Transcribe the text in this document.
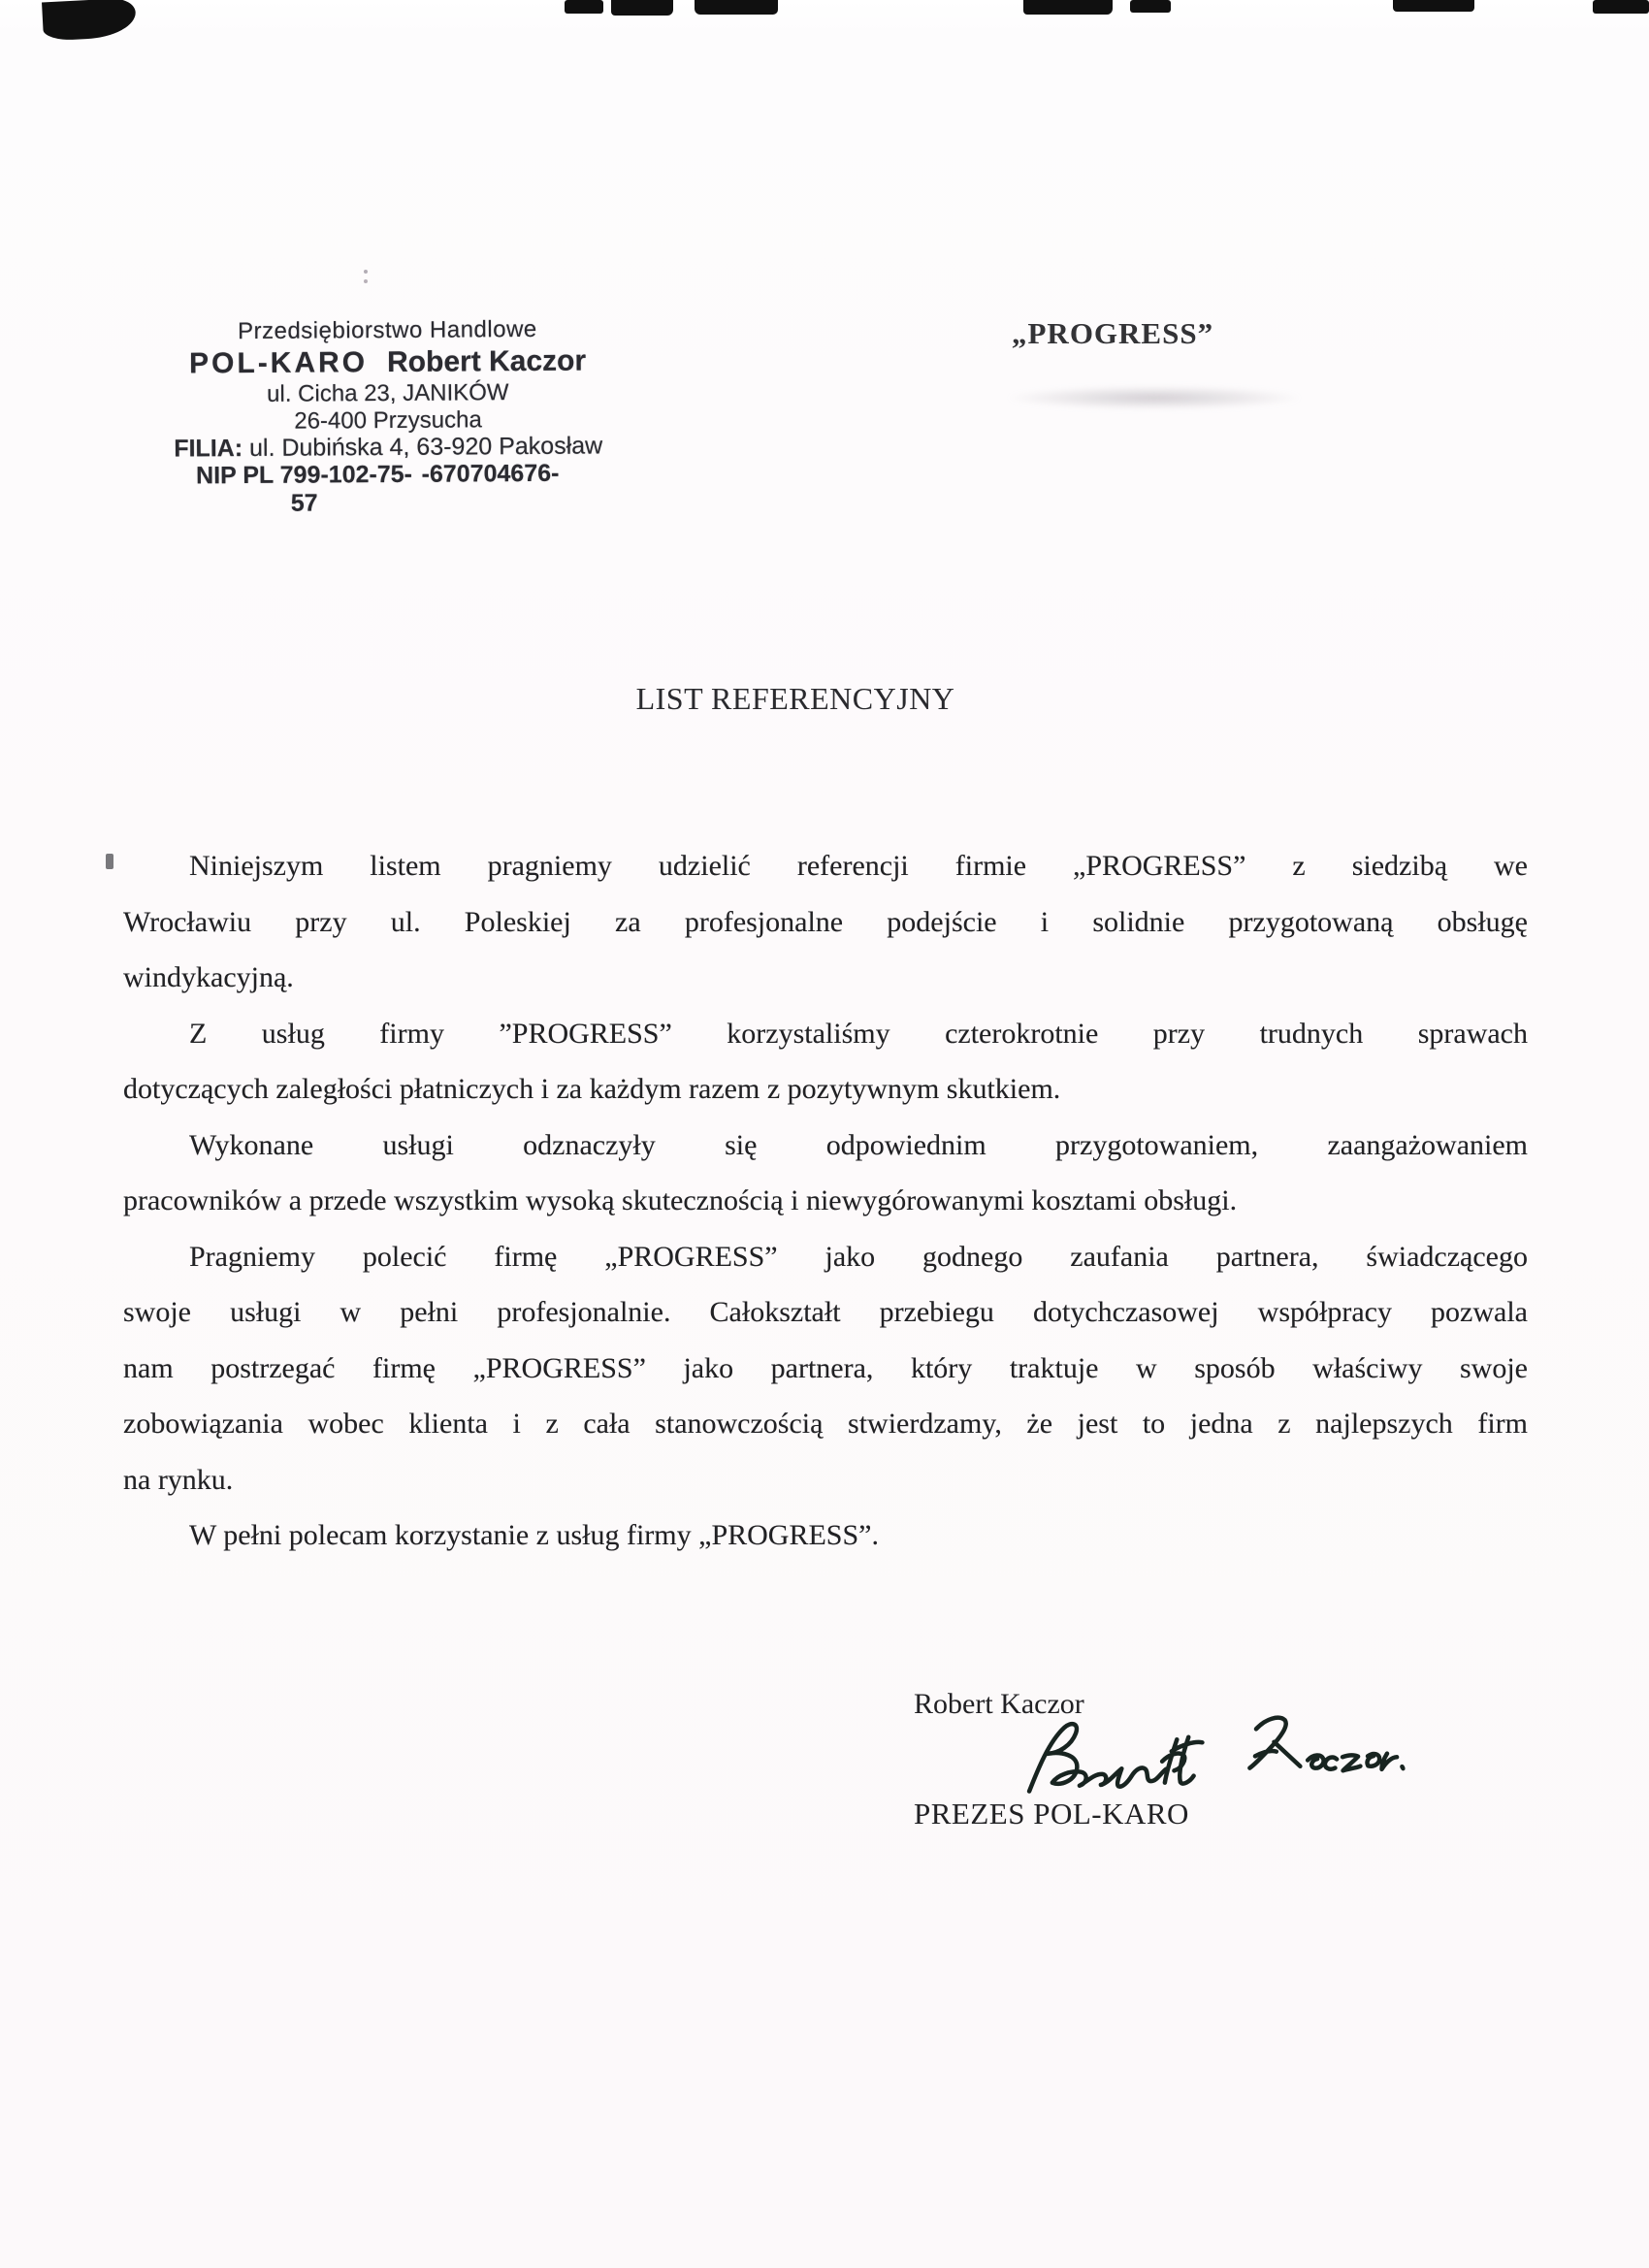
Przedsiębiorstwo Handlowe
POL-KARO Robert Kaczor
ul. Cicha 23, JANIKÓW
26-400 Przysucha
FILIA: ul. Dubińska 4, 63-920 Pakosław
NIP PL 799-102-75-57
-670704676-
„PROGRESS”
LIST REFERENCYJNY
Niniejszym listem pragniemy udzielić referencji firmie „PROGRESS” z siedzibą we
Wrocławiu przy ul. Poleskiej za profesjonalne podejście i solidnie przygotowaną obsługę
windykacyjną.
Z usług firmy ”PROGRESS” korzystaliśmy czterokrotnie przy trudnych sprawach
dotyczących zaległości płatniczych i za każdym razem z pozytywnym skutkiem.
Wykonane usługi odznaczyły się odpowiednim przygotowaniem, zaangażowaniem
pracowników a przede wszystkim wysoką skutecznością i niewygórowanymi kosztami obsługi.
Pragniemy polecić firmę „PROGRESS” jako godnego zaufania partnera, świadczącego
swoje usługi w pełni profesjonalnie. Całokształt przebiegu dotychczasowej współpracy pozwala
nam postrzegać firmę „PROGRESS” jako partnera, który traktuje w sposób właściwy swoje
zobowiązania wobec klienta i z cała stanowczością stwierdzamy, że jest to jedna z najlepszych firm
na rynku.
W pełni polecam korzystanie z usług firmy „PROGRESS”.
Robert Kaczor
PREZES POL-KARO
